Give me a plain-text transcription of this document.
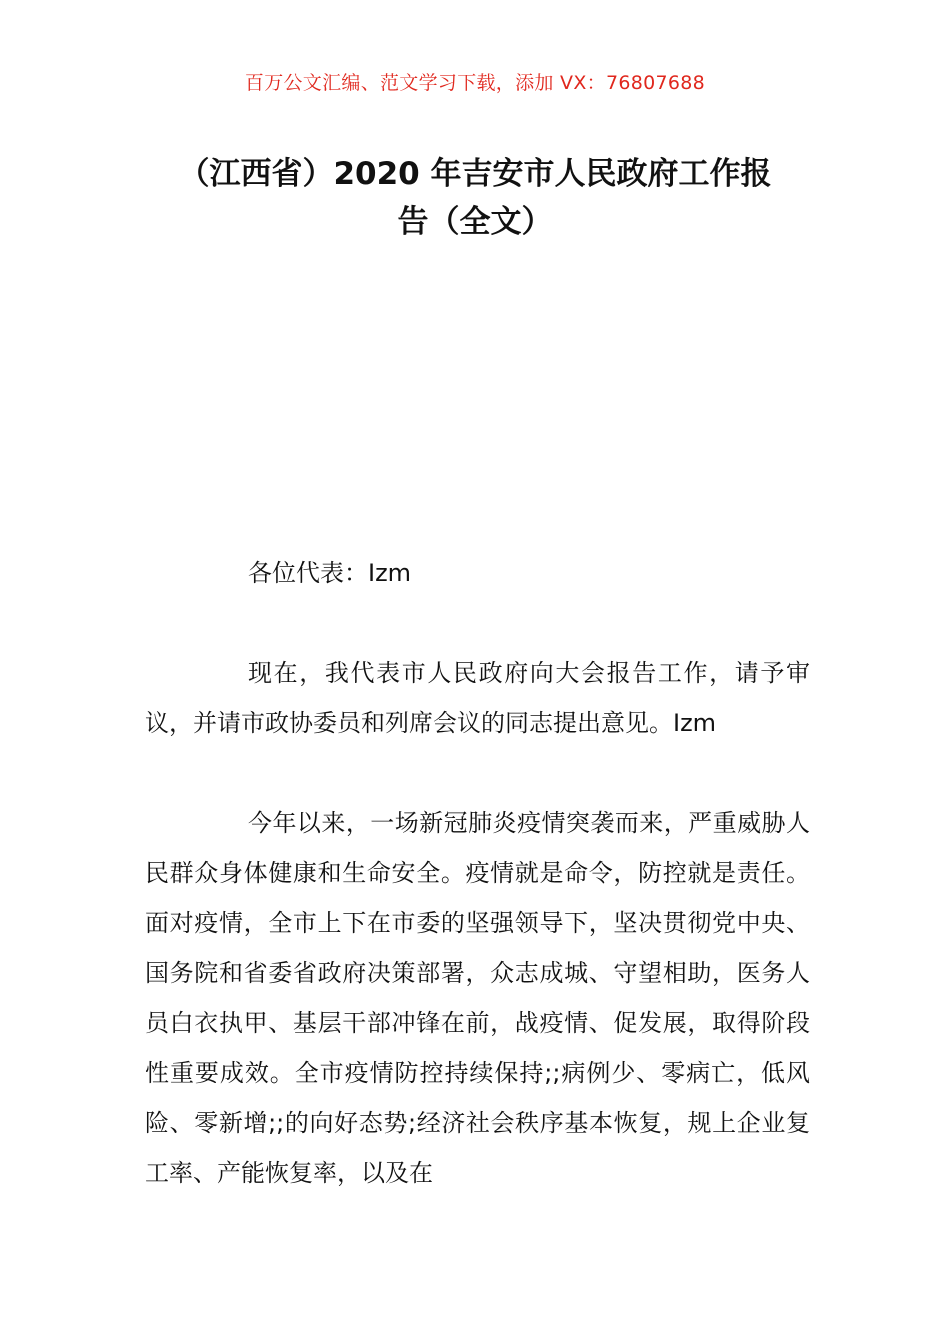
百万公文汇编、范文学习下载，添加 VX：76807688
（江西省）2020 年吉安市人民政府工作报
告（全文）
各位代表：Izm
现在，我代表市人民政府向大会报告工作，请予审议，并请市政协委员和列席会议的同志提出意见。Izm
今年以来，一场新冠肺炎疫情突袭而来，严重威胁人民群众身体健康和生命安全。疫情就是命令，防控就是责任。面对疫情，全市上下在市委的坚强领导下，坚决贯彻党中央、国务院和省委省政府决策部署，众志成城、守望相助，医务人员白衣执甲、基层干部冲锋在前，战疫情、促发展，取得阶段性重要成效。全市疫情防控持续保持;;病例少、零病亡，低风险、零新增;;的向好态势;经济社会秩序基本恢复，规上企业复工率、产能恢复率，以及在
